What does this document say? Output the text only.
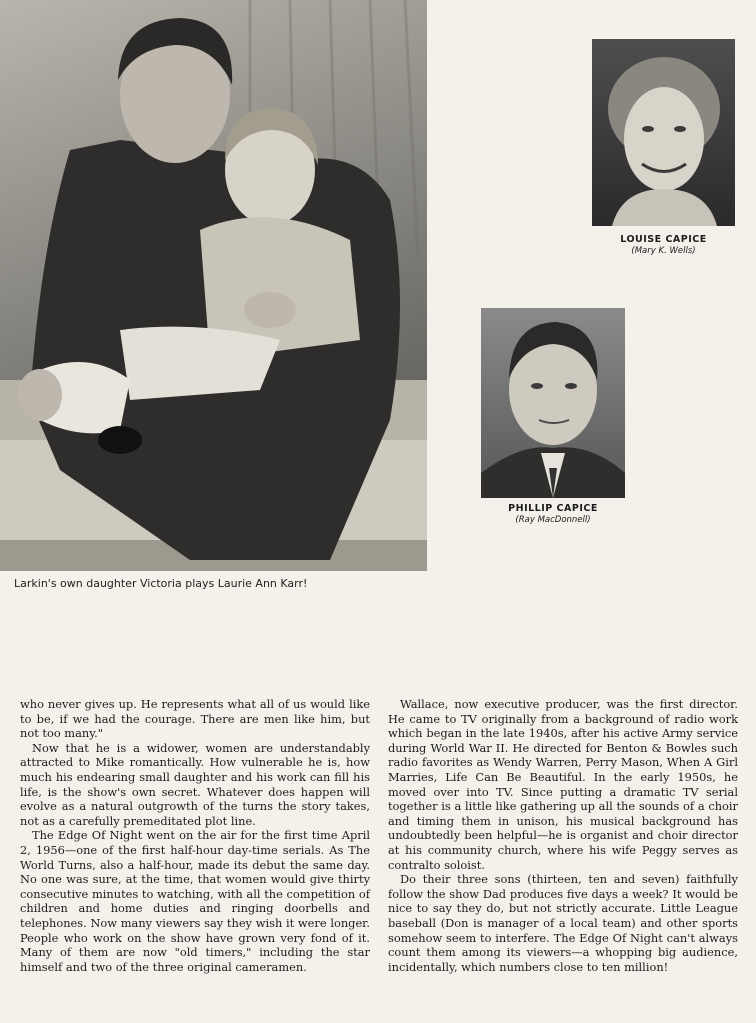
Larkin's own daughter Victoria plays Laurie Ann Karr!

LOUISE CAPICE

(Mary K. Wells)

PHILLIP CAPICE

(Ray MacDonnell)

who never gives up. He represents what all of us would like to be, if we had the courage. There are men like him, but not too many."

Now that he is a widower, women are understandably attracted to Mike romantically. How vulnerable he is, how much his endearing small daughter and his work can fill his life, is the show's own secret. Whatever does happen will evolve as a natural outgrowth of the turns the story takes, not as a carefully premeditated plot line.

The Edge Of Night went on the air for the first time April 2, 1956—one of the first half-hour day-time serials. As The World Turns, also a half-hour, made its debut the same day. No one was sure, at the time, that women would give thirty consecutive minutes to watching, with all the competition of children and home duties and ringing doorbells and telephones. Now many viewers say they wish it were longer. People who work on the show have grown very fond of it. Many of them are now "old timers," including the star himself and two of the three original cameramen.

Wallace, now executive producer, was the first director. He came to TV originally from a background of radio work which began in the late 1940s, after his active Army service during World War II. He directed for Benton & Bowles such radio favorites as Wendy Warren, Perry Mason, When A Girl Marries, Life Can Be Beautiful. In the early 1950s, he moved over into TV. Since putting a dramatic TV serial together is a little like gathering up all the sounds of a choir and timing them in unison, his musical background has undoubtedly been helpful—he is organist and choir director at his community church, where his wife Peggy serves as contralto soloist.

Do their three sons (thirteen, ten and seven) faithfully follow the show Dad produces five days a week? It would be nice to say they do, but not strictly accurate. Little League baseball (Don is manager of a local team) and other sports somehow seem to interfere. The Edge Of Night can't always count them among its viewers—a whopping big audience, incidentally, which numbers close to ten million!
